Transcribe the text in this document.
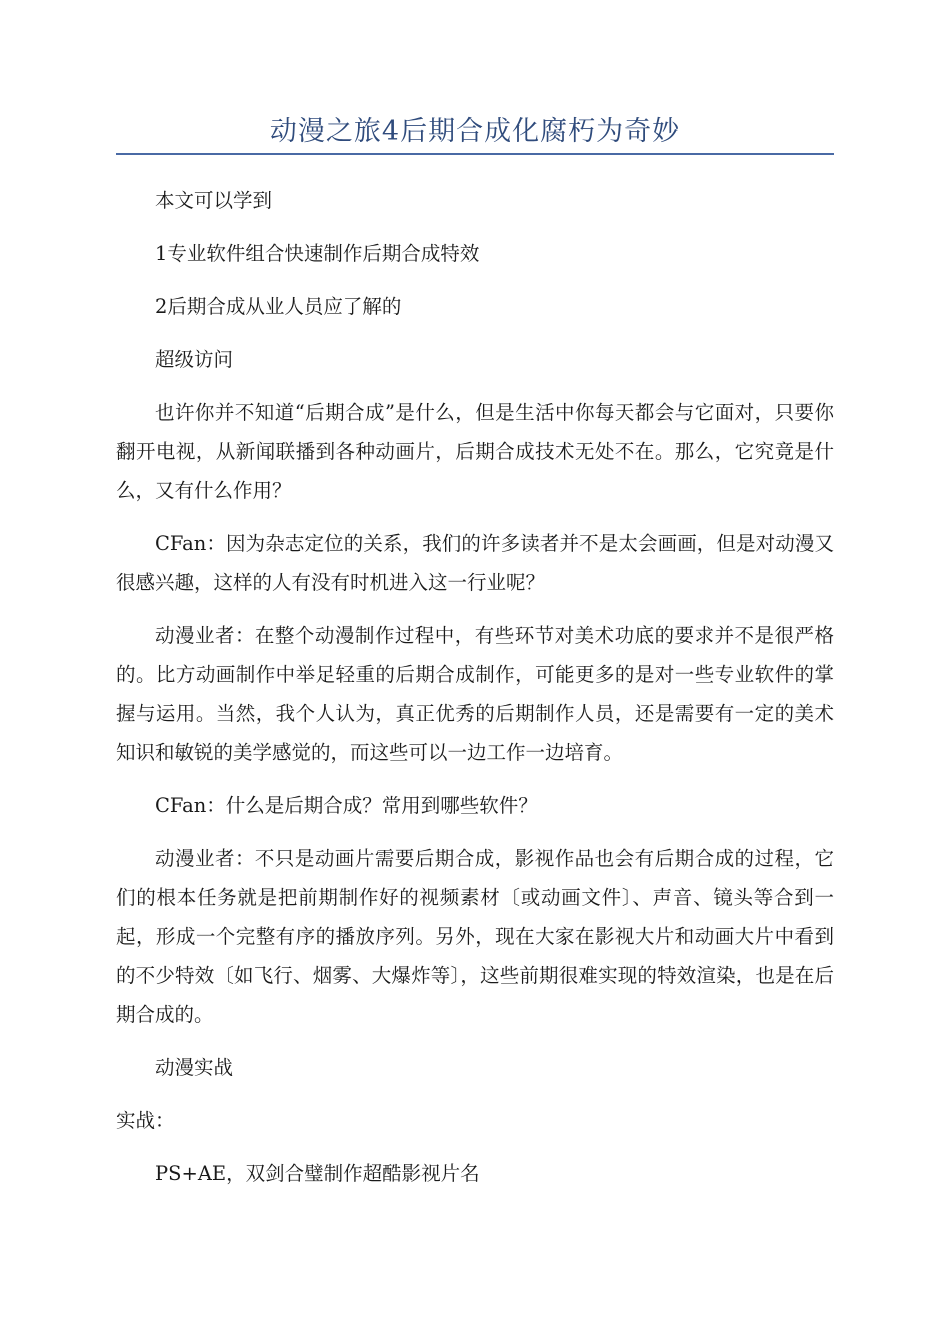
动漫之旅4后期合成化腐朽为奇妙

本文可以学到

1专业软件组合快速制作后期合成特效

2后期合成从业人员应了解的

超级访问

也许你并不知道“后期合成”是什么，但是生活中你每天都会与它面对，只要你翻开电视，从新闻联播到各种动画片，后期合成技术无处不在。那么，它究竟是什么，又有什么作用？

CFan：因为杂志定位的关系，我们的许多读者并不是太会画画，但是对动漫又很感兴趣，这样的人有没有时机进入这一行业呢？

动漫业者：在整个动漫制作过程中，有些环节对美术功底的要求并不是很严格的。比方动画制作中举足轻重的后期合成制作，可能更多的是对一些专业软件的掌握与运用。当然，我个人认为，真正优秀的后期制作人员，还是需要有一定的美术知识和敏锐的美学感觉的，而这些可以一边工作一边培育。

CFan：什么是后期合成？常用到哪些软件？

动漫业者：不只是动画片需要后期合成，影视作品也会有后期合成的过程，它们的根本任务就是把前期制作好的视频素材〔或动画文件〕、声音、镜头等合到一起，形成一个完整有序的播放序列。另外，现在大家在影视大片和动画大片中看到的不少特效〔如飞行、烟雾、大爆炸等〕，这些前期很难实现的特效渲染，也是在后期合成的。

动漫实战

实战：

PS+AE，双剑合璧制作超酷影视片名
